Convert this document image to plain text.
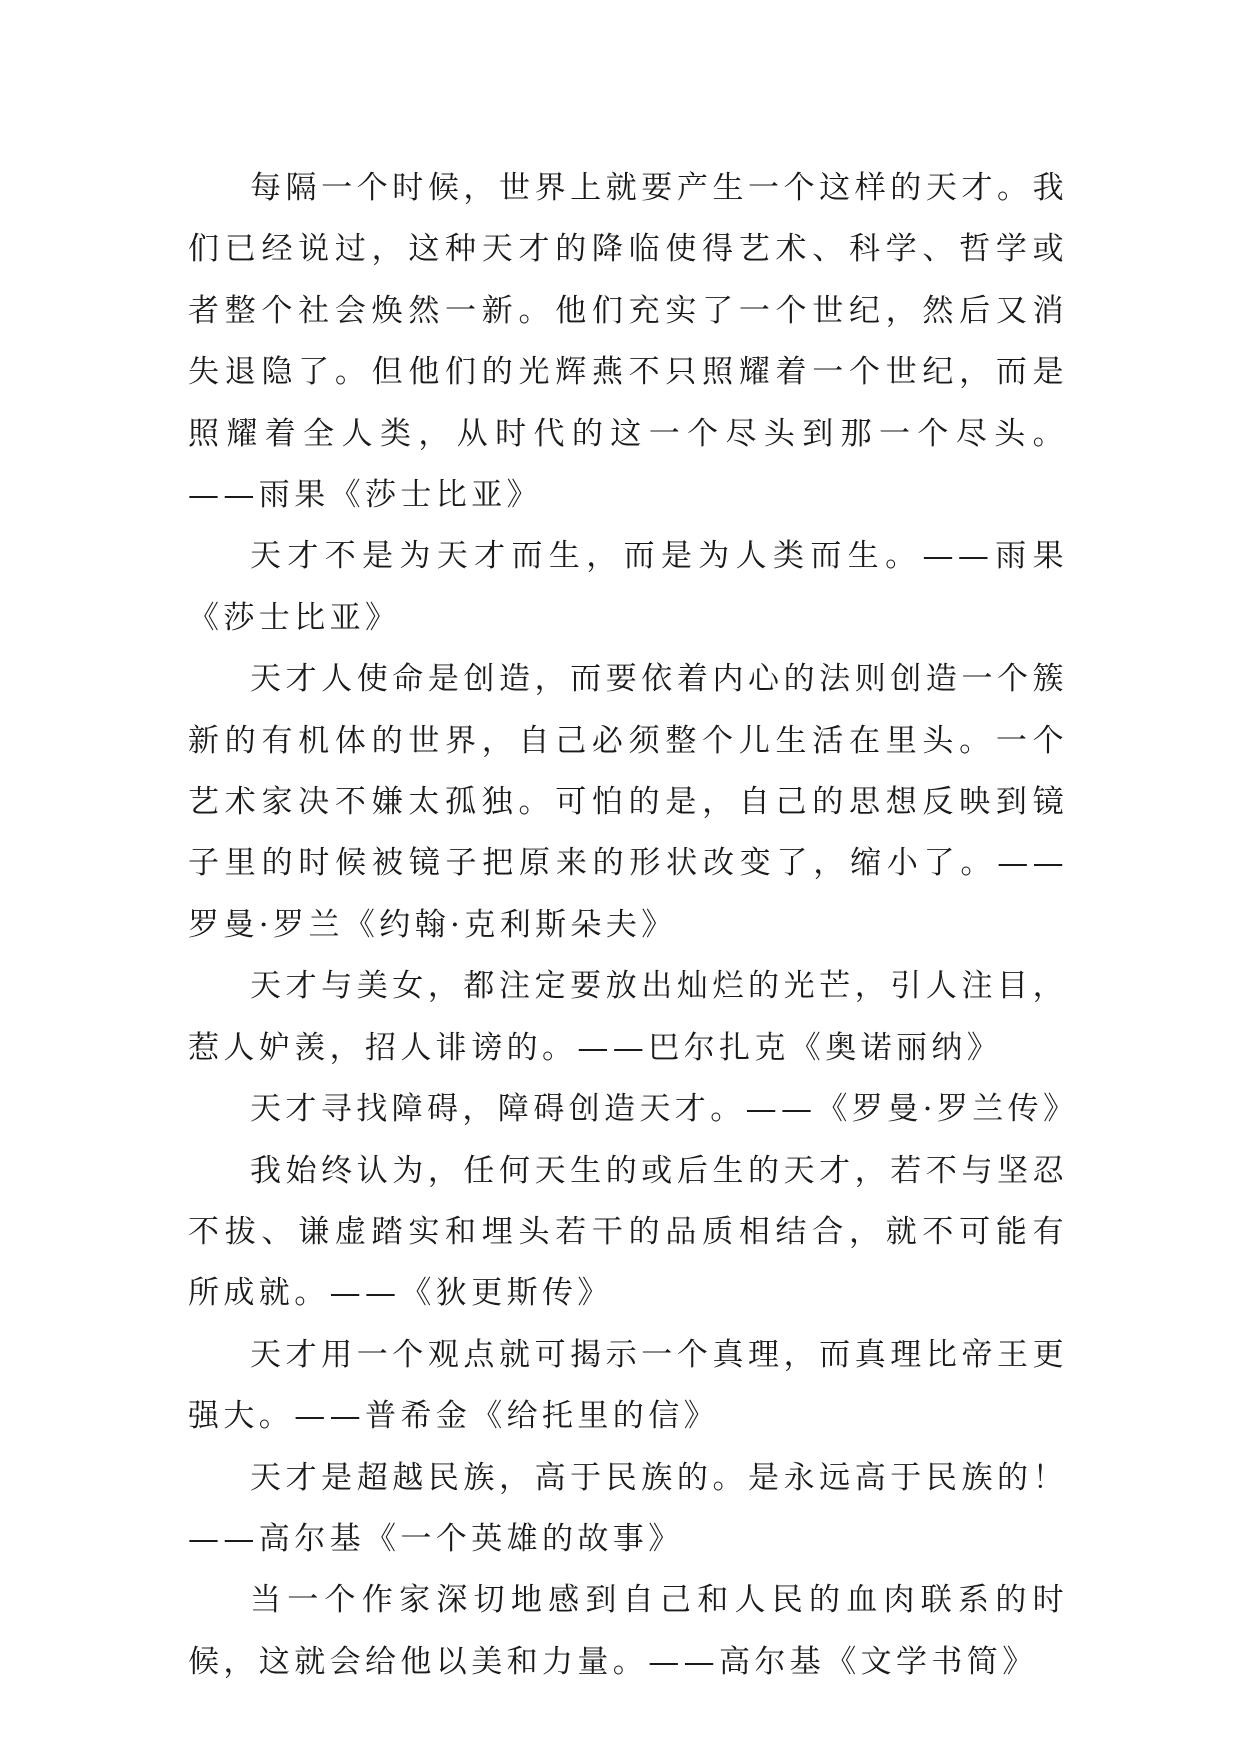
每隔一个时候，世界上就要产生一个这样的天才。我们已经说过，这种天才的降临使得艺术、科学、哲学或者整个社会焕然一新。他们充实了一个世纪，然后又消失退隐了。但他们的光辉燕不只照耀着一个世纪，而是照耀着全人类，从时代的这一个尽头到那一个尽头。——雨果《莎士比亚》

天才不是为天才而生，而是为人类而生。——雨果《莎士比亚》

天才人使命是创造，而要依着内心的法则创造一个簇新的有机体的世界，自己必须整个儿生活在里头。一个艺术家决不嫌太孤独。可怕的是，自己的思想反映到镜子里的时候被镜子把原来的形状改变了，缩小了。——罗曼·罗兰《约翰·克利斯朵夫》

天才与美女，都注定要放出灿烂的光芒，引人注目，惹人妒羡，招人诽谤的。——巴尔扎克《奥诺丽纳》

天才寻找障碍，障碍创造天才。——《罗曼·罗兰传》

我始终认为，任何天生的或后生的天才，若不与坚忍不拔、谦虚踏实和埋头若干的品质相结合，就不可能有所成就。——《狄更斯传》

天才用一个观点就可揭示一个真理，而真理比帝王更强大。——普希金《给托里的信》

天才是超越民族，高于民族的。是永远高于民族的！——高尔基《一个英雄的故事》

当一个作家深切地感到自己和人民的血肉联系的时候，这就会给他以美和力量。——高尔基《文学书简》
